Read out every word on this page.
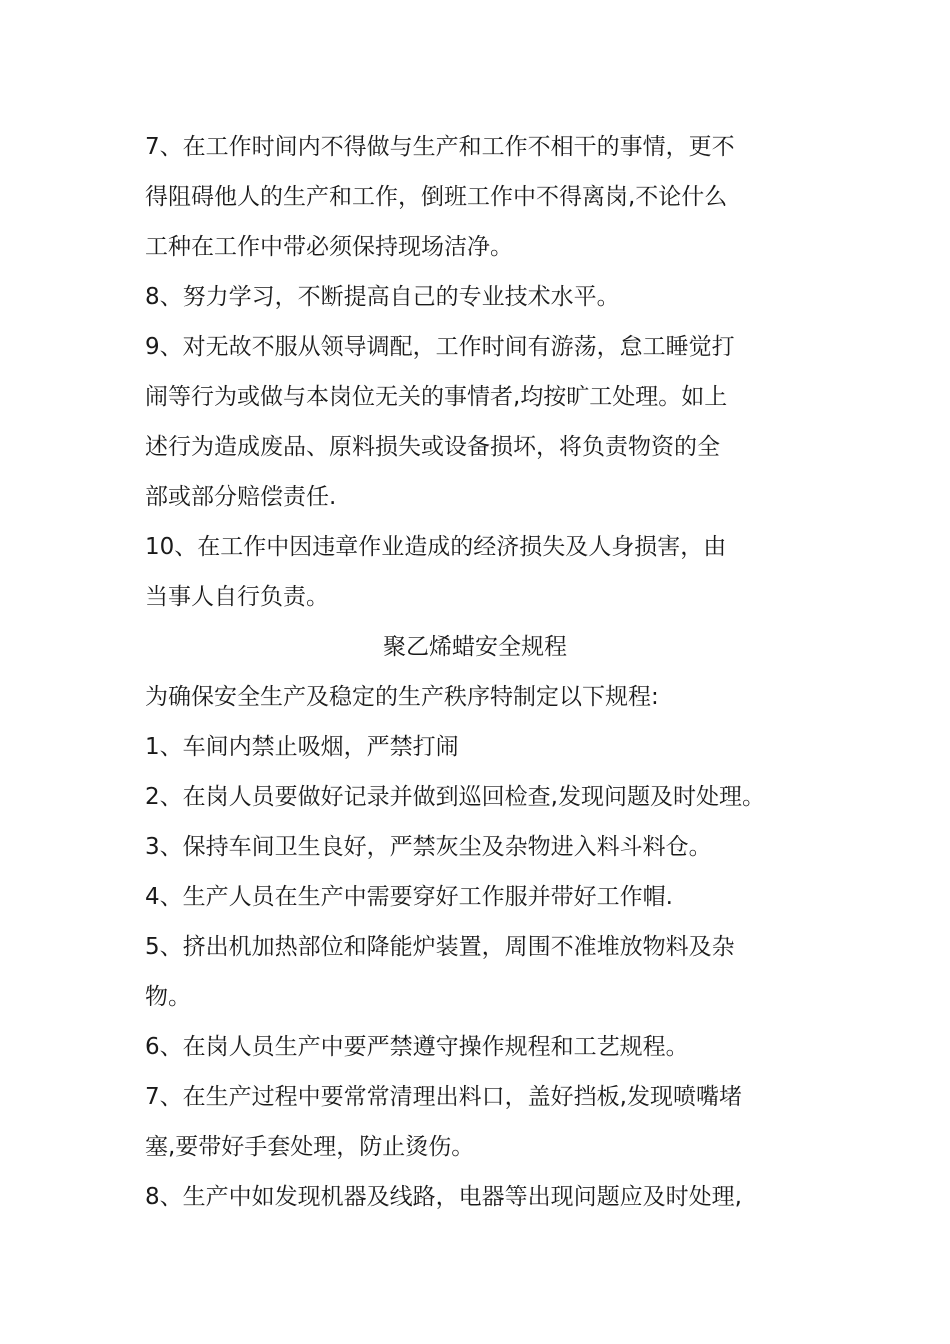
7、在工作时间内不得做与生产和工作不相干的事情，更不
得阻碍他人的生产和工作，倒班工作中不得离岗,不论什么
工种在工作中带必须保持现场洁净。
8、努力学习，不断提高自己的专业技术水平。
9、对无故不服从领导调配，工作时间有游荡，怠工睡觉打
闹等行为或做与本岗位无关的事情者,均按旷工处理。如上
述行为造成废品、原料损失或设备损坏，将负责物资的全
部或部分赔偿责任.
10、在工作中因违章作业造成的经济损失及人身损害，由
当事人自行负责。
聚乙烯蜡安全规程
为确保安全生产及稳定的生产秩序特制定以下规程:
1、车间内禁止吸烟，严禁打闹
2、在岗人员要做好记录并做到巡回检查,发现问题及时处理。
3、保持车间卫生良好，严禁灰尘及杂物进入料斗料仓。
4、生产人员在生产中需要穿好工作服并带好工作帽.
5、挤出机加热部位和降能炉装置，周围不准堆放物料及杂
物。
6、在岗人员生产中要严禁遵守操作规程和工艺规程。
7、在生产过程中要常常清理出料口，盖好挡板,发现喷嘴堵
塞,要带好手套处理，防止烫伤。
8、生产中如发现机器及线路，电器等出现问题应及时处理,
